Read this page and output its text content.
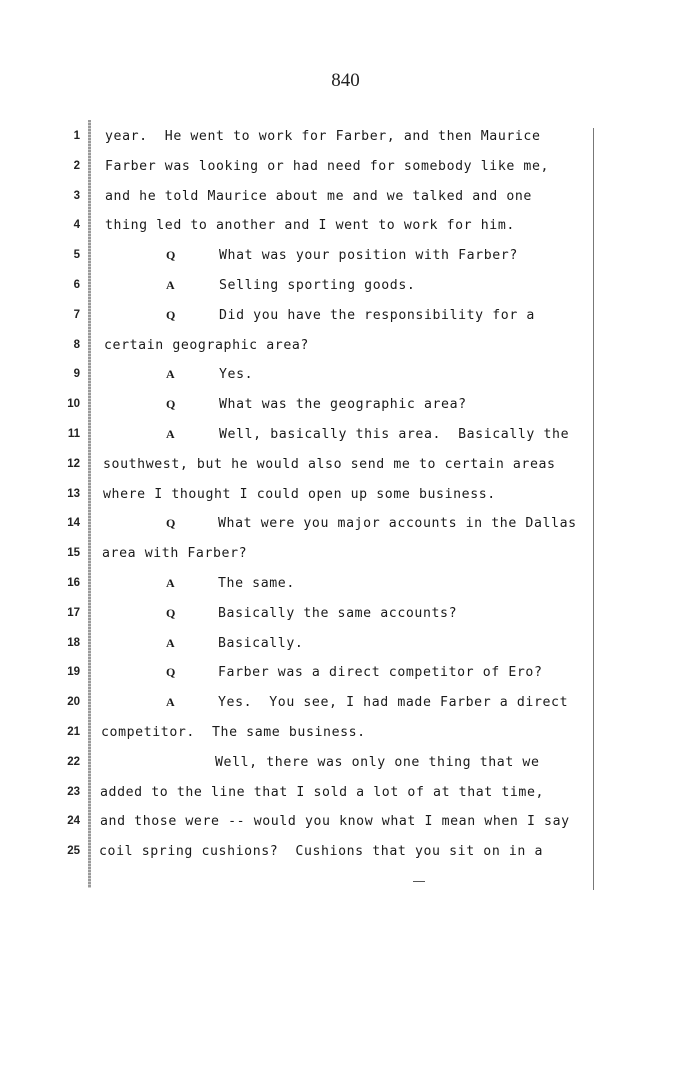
840
1 year.  He went to work for Farber, and then Maurice
2 Farber was looking or had need for somebody like me,
3 and he told Maurice about me and we talked and one
4 thing led to another and I went to work for him.
5	Q	What was your position with Farber?
6	A	Selling sporting goods.
7	Q	Did you have the responsibility for a
8 certain geographic area?
9	A	Yes.
10	Q	What was the geographic area?
11	A	Well, basically this area.  Basically the
12 southwest, but he would also send me to certain areas
13 where I thought I could open up some business.
14	Q	What were you major accounts in the Dallas
15 area with Farber?
16	A	The same.
17	Q	Basically the same accounts?
18	A	Basically.
19	Q	Farber was a direct competitor of Ero?
20	A	Yes.  You see, I had made Farber a direct
21 competitor.  The same business.
22	Well, there was only one thing that we
23 added to the line that I sold a lot of at that time,
24 and those were -- would you know what I mean when I say
25 coil spring cushions?  Cushions that you sit on in a
